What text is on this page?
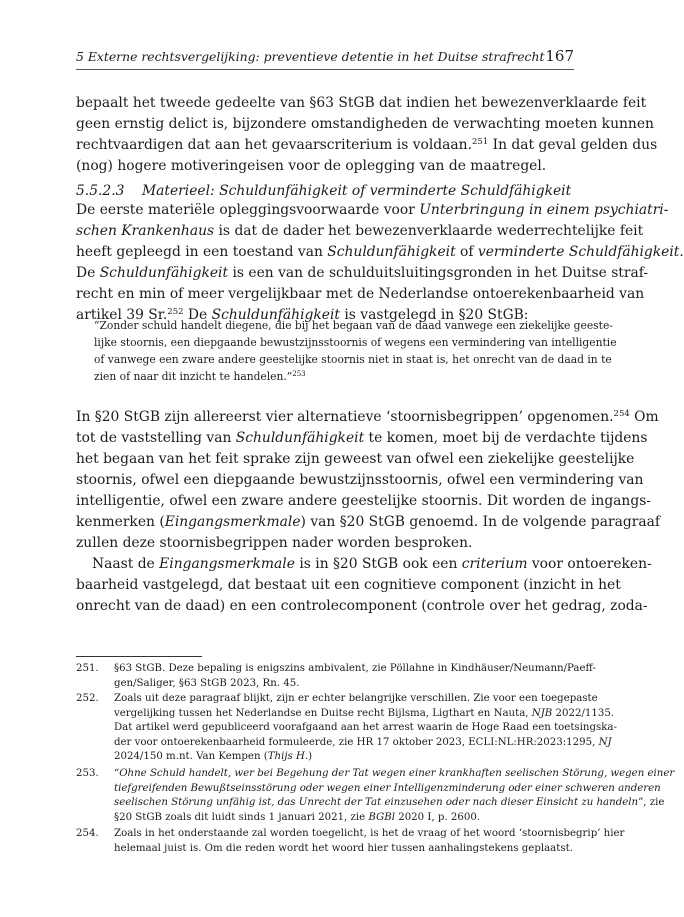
5 Externe rechtsvergelijking: preventieve detentie in het Duitse strafrecht 167
bepaalt het tweede gedeelte van §63 StGB dat indien het bewezenverklaarde feit
geen ernstig delict is, bijzondere omstandigheden de verwachting moeten kunnen
rechtvaardigen dat aan het gevaarscriterium is voldaan.$^{251}$ In dat geval gelden dus
(nog) hogere motiveringeisen voor de oplegging van de maatregel.
5.5.2.3 Materieel: Schuldunfähigkeit of verminderte Schuldfähigkeit
De eerste materiële opleggingsvoorwaarde voor Unterbringung in einem psychiatri-
schen Krankenhaus is dat de dader het bewezenverklaarde wederrechtelijke feit
heeft gepleegd in een toestand van Schuldunfähigkeit of verminderte Schuldfähigkeit.
De Schuldunfähigkeit is een van de schulduitsluitingsgronden in het Duitse straf-
recht en min of meer vergelijkbaar met de Nederlandse ontoerekenbaarheid van
artikel 39 Sr.$^{252}$ De Schuldunfähigkeit is vastgelegd in §20 StGB:
“Zonder schuld handelt diegene, die bij het begaan van de daad vanwege een ziekelijke geeste-
lijke stoornis, een diepgaande bewustzijnsstoornis of wegens een vermindering van intelligentie
of vanwege een zware andere geestelijke stoornis niet in staat is, het onrecht van de daad in te
zien of naar dit inzicht te handelen.”$^{253}$
In §20 StGB zijn allereerst vier alternatieve ‘stoornisbegrippen’ opgenomen.$^{254}$ Om
tot de vaststelling van Schuldunfähigkeit te komen, moet bij de verdachte tijdens
het begaan van het feit sprake zijn geweest van ofwel een ziekelijke geestelijke
stoornis, ofwel een diepgaande bewustzijnsstoornis, ofwel een vermindering van
intelligentie, ofwel een zware andere geestelijke stoornis. Dit worden de ingangs-
kenmerken (Eingangsmerkmale) van §20 StGB genoemd. In de volgende paragraaf
zullen deze stoornisbegrippen nader worden besproken.
Naast de Eingangsmerkmale is in §20 StGB ook een criterium voor ontoereken-
baarheid vastgelegd, dat bestaat uit een cognitieve component (inzicht in het
onrecht van de daad) en een controlecomponent (controle over het gedrag, zoda-
251. §63 StGB. Deze bepaling is enigszins ambivalent, zie Pöllahne in Kindhäuser/Neumann/Paeff-
gen/Saliger, §63 StGB 2023, Rn. 45.
252. Zoals uit deze paragraaf blijkt, zijn er echter belangrijke verschillen. Zie voor een toegepaste
vergelijking tussen het Nederlandse en Duitse recht Bijlsma, Ligthart en Nauta, NJB 2022/1135.
Dat artikel werd gepubliceerd voorafgaand aan het arrest waarin de Hoge Raad een toetsingska-
der voor ontoerekenbaarheid formuleerde, zie HR 17 oktober 2023, ECLI:NL:HR:2023:1295, NJ
2024/150 m.nt. Van Kempen (Thijs H.)
253. “Ohne Schuld handelt, wer bei Begehung der Tat wegen einer krankhaften seelischen Störung, wegen einer
tiefgreifenden Bewußtseinsstörung oder wegen einer Intelligenzminderung oder einer schweren anderen
seelischen Störung unfähig ist, das Unrecht der Tat einzusehen oder nach dieser Einsicht zu handeln”, zie
§20 StGB zoals dit luidt sinds 1 januari 2021, zie BGBl 2020 I, p. 2600.
254. Zoals in het onderstaande zal worden toegelicht, is het de vraag of het woord ‘stoornisbegrip’ hier
helemaal juist is. Om die reden wordt het woord hier tussen aanhalingstekens geplaatst.
